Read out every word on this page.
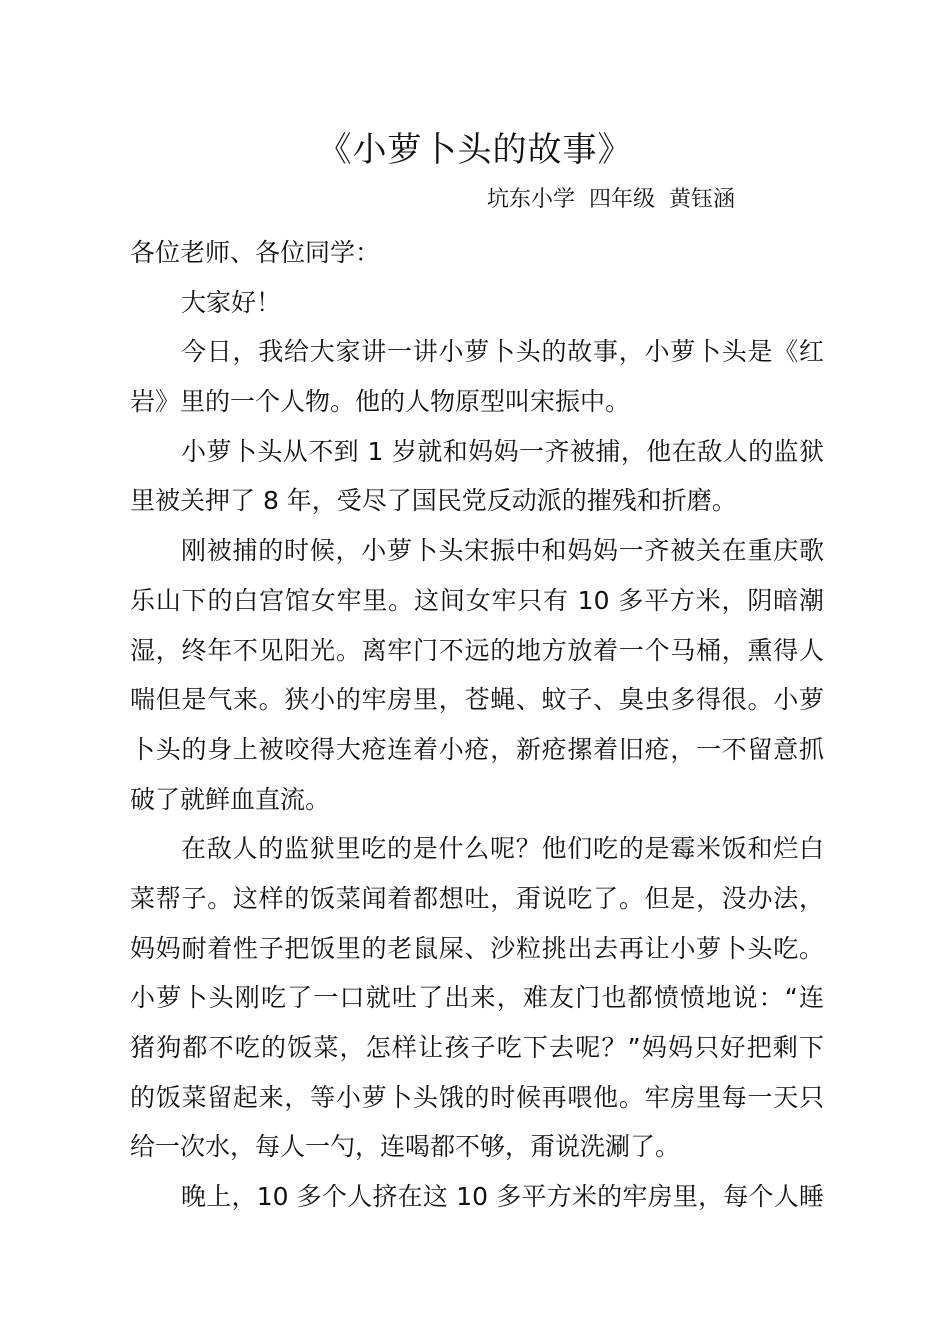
《小萝卜头的故事》
坑东小学  四年级  黄钰涵
各位老师、各位同学：
大家好！
今日，我给大家讲一讲小萝卜头的故事，小萝卜头是《红
岩》里的一个人物。他的人物原型叫宋振中。
小萝卜头从不到 1 岁就和妈妈一齐被捕，他在敌人的监狱
里被关押了 8 年，受尽了国民党反动派的摧残和折磨。
刚被捕的时候，小萝卜头宋振中和妈妈一齐被关在重庆歌
乐山下的白宫馆女牢里。这间女牢只有 10 多平方米，阴暗潮
湿，终年不见阳光。离牢门不远的地方放着一个马桶，熏得人
喘但是气来。狭小的牢房里，苍蝇、蚊子、臭虫多得很。小萝
卜头的身上被咬得大疮连着小疮，新疮摞着旧疮，一不留意抓
破了就鲜血直流。
在敌人的监狱里吃的是什么呢？他们吃的是霉米饭和烂白
菜帮子。这样的饭菜闻着都想吐，甭说吃了。但是，没办法，
妈妈耐着性子把饭里的老鼠屎、沙粒挑出去再让小萝卜头吃。
小萝卜头刚吃了一口就吐了出来，难友门也都愤愤地说：“连
猪狗都不吃的饭菜，怎样让孩子吃下去呢？”妈妈只好把剩下
的饭菜留起来，等小萝卜头饿的时候再喂他。牢房里每一天只
给一次水，每人一勺，连喝都不够，甭说洗涮了。
晚上，10 多个人挤在这 10 多平方米的牢房里，每个人睡
